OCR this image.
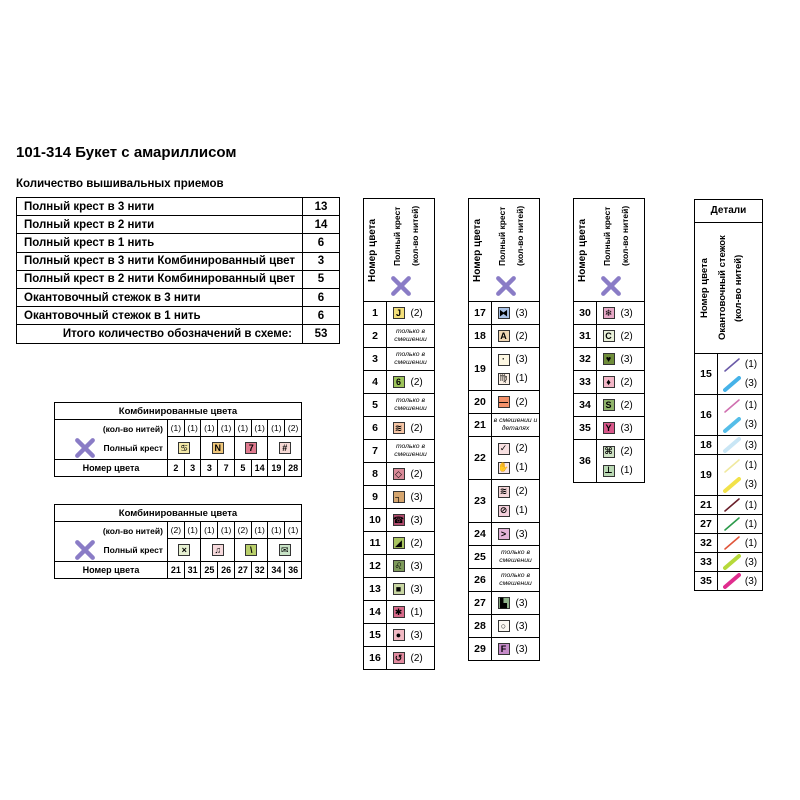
101-314 Букет с амариллисом
Количество вышивальных приемов
Полный крест в 3 нити	13
Полный крест в 2 нити	14
Полный крест в 1 нить	6
Полный крест в 3 нити Комбинированный цвет	3
Полный крест в 2 нити Комбинированный цвет	5
Окантовочный стежок в 3 нити	6
Окантовочный стежок в 1 нить	6
Итого количество обозначений в схеме:	53
Комбинированные цвета								

(кол-во нитей)
Полный крест	(1)	(1)	(1)	(1)	(1)	(1)	(1)	(2)

♋		N		7		#	

Номер цвета	2	3	3	7	5	14	19	28
Комбинированные цвета								

(кол-во нитей)
Полный крест	(2)	(1)	(1)	(1)	(2)	(1)	(1)	(1)

×		♫		\		✉	

Номер цвета	21	31	25	26	27	32	34	36
Номер цвета Полный крест (кол-во нитей)
1	J (2)
2	только в смешении
3	только в смешении
4	6 (2)
5	только в смешении
6	≋ (2)
7	только в смешении
8	◇ (2)
9	┐ (3)
10	☎ (3)
11	◢ (2)
12	♌ (3)
13	■ (3)
14	✱ (1)
15	● (3)
16	↺ (2)
Номер цвета Полный крест (кол-во нитей)
17	⧓ (3)
18	A (2)
19
·	(3)
♍ (1)
20	— (2)
21	в смешении и деталях
22
✓ (2)
✋ (1)
23
≋ (2)
⊘ (1)
24	> (3)
25	только в смешении
26	только в смешении
27	▙ (3)
28	○ (3)
29	F (3)
Номер цвета Полный крест (кол-во нитей)
30	❄ (3)
31	C (2)
32	♥ (3)
33	♦ (2)
34	S (2)
35	Y (3)
36
⌘ (2)
⊥ (1)
Детали
Номер цвета Окантовочный стежок (кол-во нитей)
15
(1)
(3)
16
(1)
(3)
18	(3)
19
(1)
(3)
21	(1)
27	(1)
32	(1)
33	(3)
35	(3)
